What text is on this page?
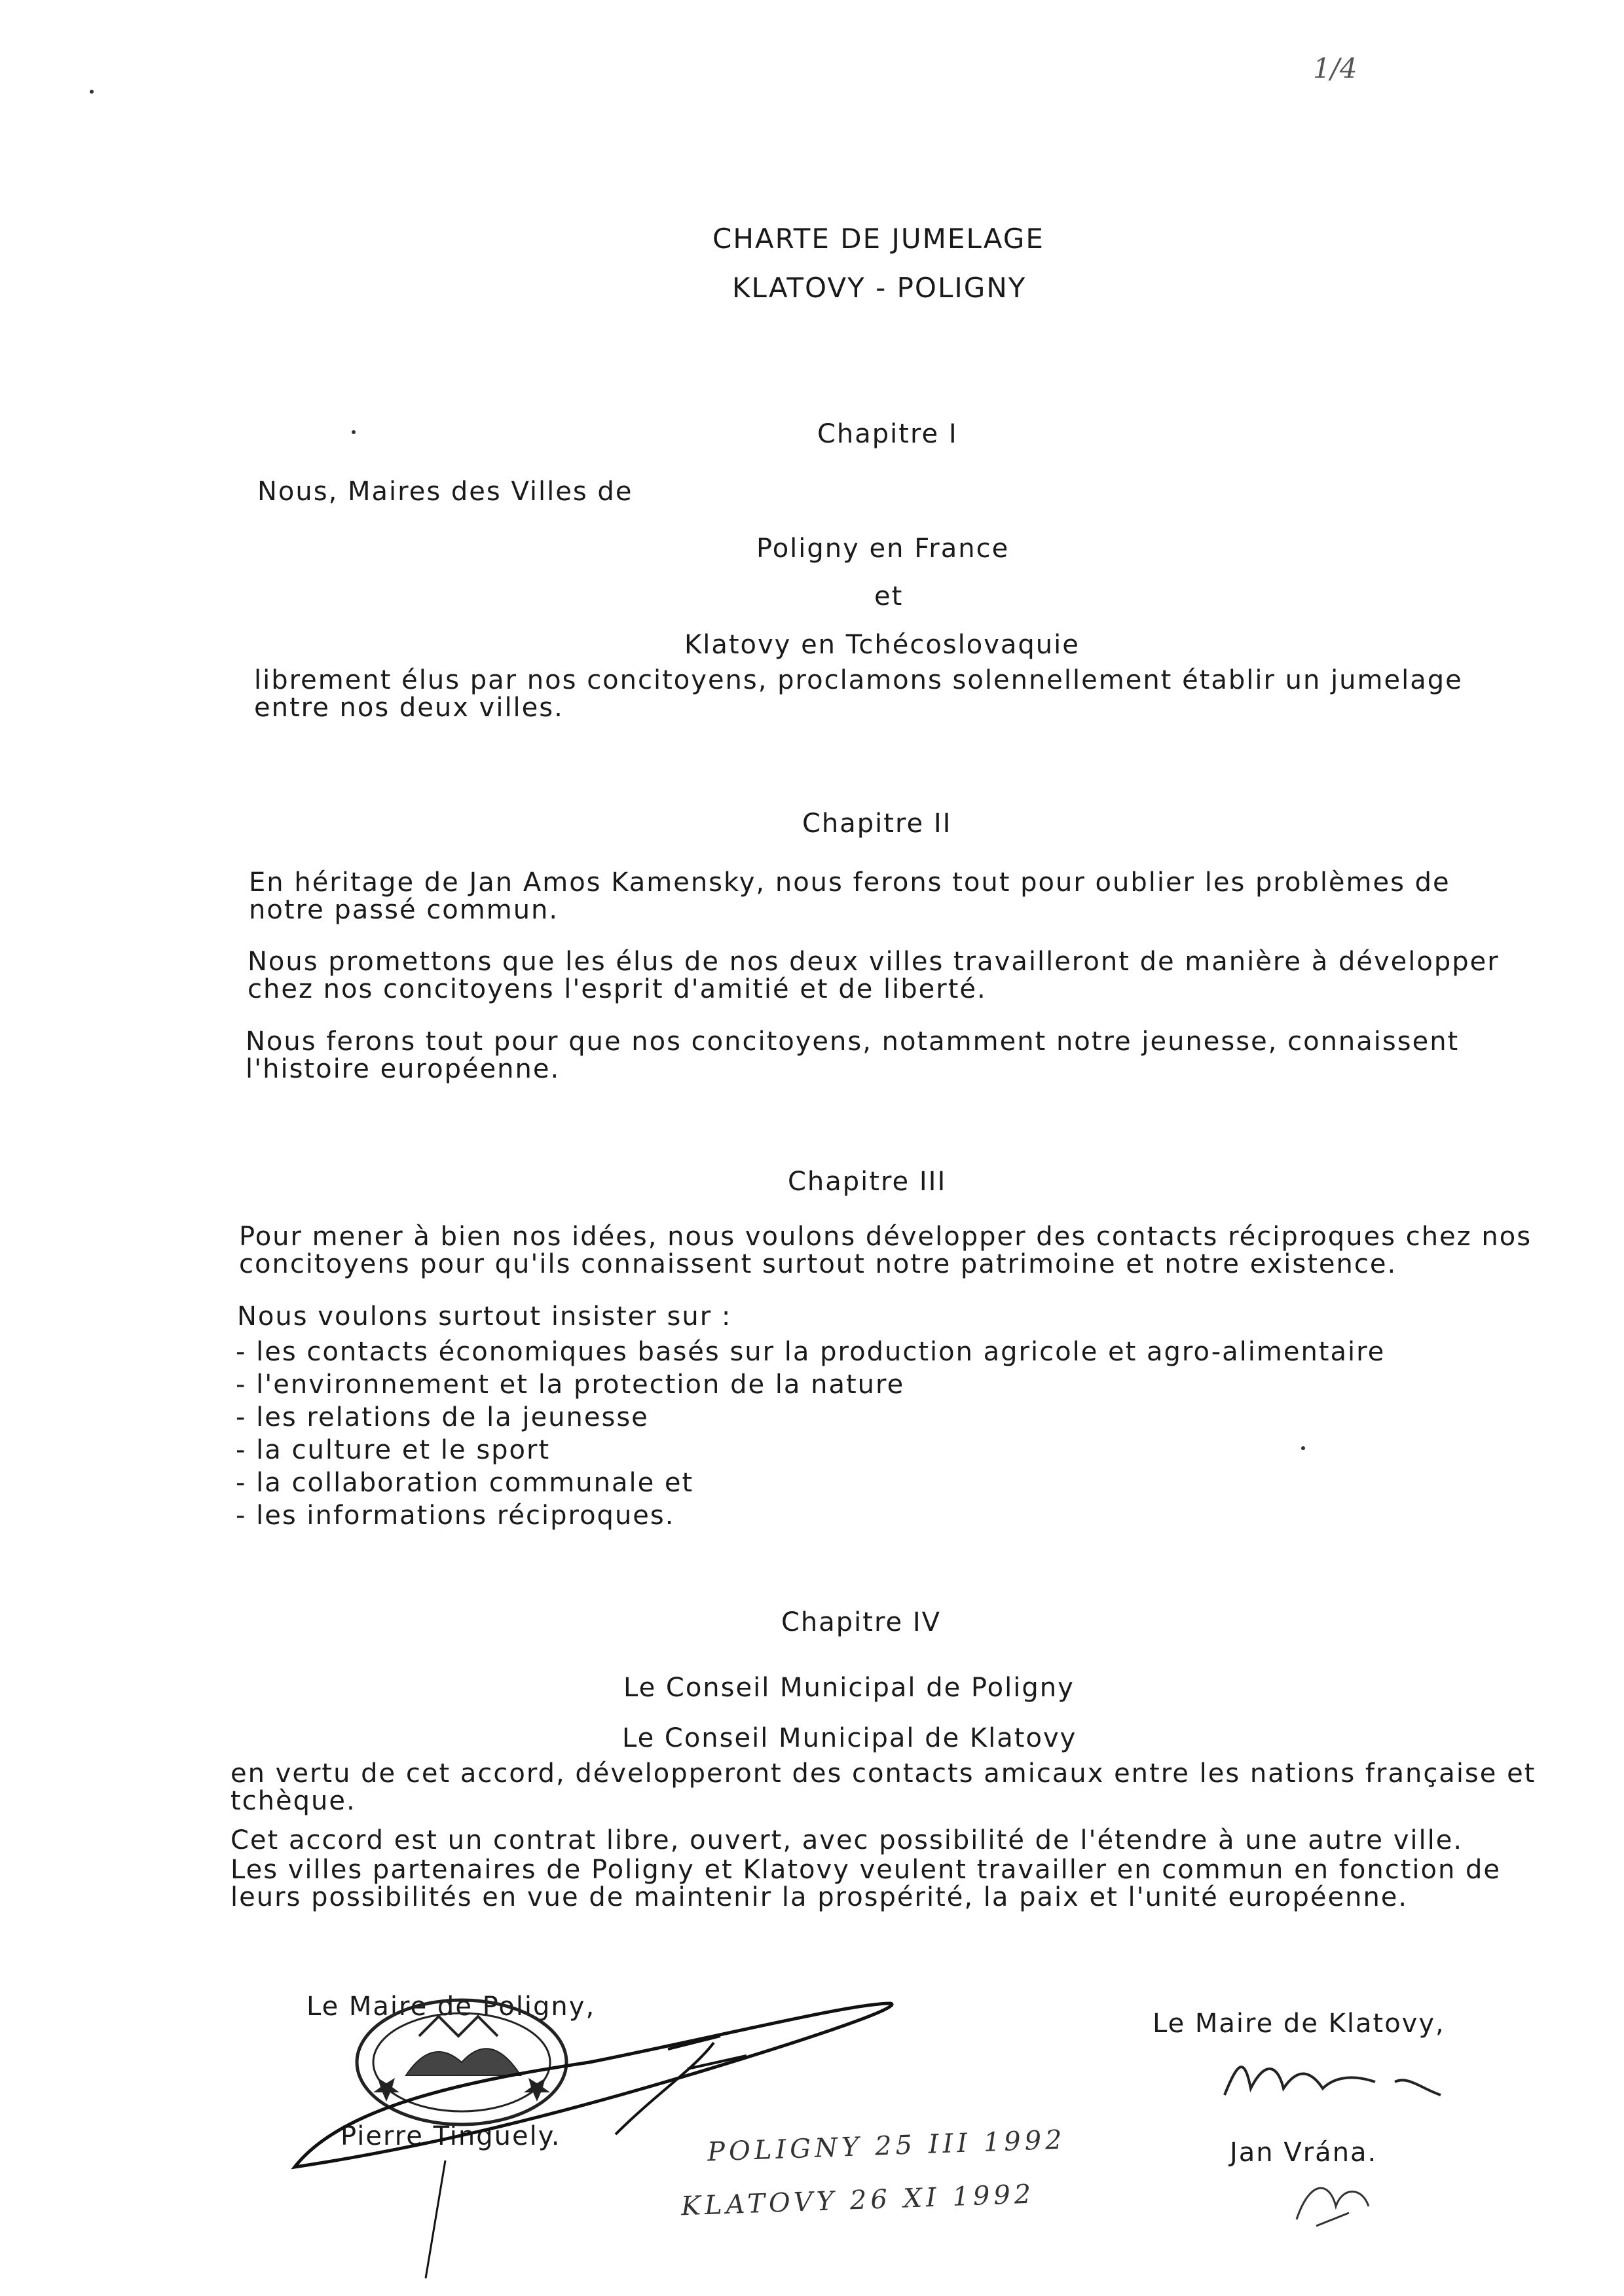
1/4
CHARTE DE JUMELAGE
KLATOVY - POLIGNY
Chapitre I
Nous, Maires des Villes de
Poligny en France
et
Klatovy en Tchécoslovaquie
librement élus par nos concitoyens, proclamons solennellement établir un jumelage entre nos deux villes.
Chapitre II
En héritage de Jan Amos Kamensky, nous ferons tout pour oublier les problèmes de notre passé commun.
Nous promettons que les élus de nos deux villes travailleront de manière à développer chez nos concitoyens l'esprit d'amitié et de liberté.
Nous ferons tout pour que nos concitoyens, notamment notre jeunesse, connaissent l'histoire européenne.
Chapitre III
Pour mener à bien nos idées, nous voulons développer des contacts réciproques chez nos concitoyens pour qu'ils connaissent surtout notre patrimoine et notre existence.
Nous voulons surtout insister sur :
- les contacts économiques basés sur la production agricole et agro-alimentaire
- l'environnement et la protection de la nature
- les relations de la jeunesse
- la culture et le sport
- la collaboration communale et
- les informations réciproques.
Chapitre IV
Le Conseil Municipal de Poligny
Le Conseil Municipal de Klatovy
en vertu de cet accord, développeront des contacts amicaux entre les nations française et tchèque.
Cet accord est un contrat libre, ouvert, avec possibilité de l'étendre à une autre ville.
Les villes partenaires de Poligny et Klatovy veulent travailler en commun en fonction de leurs possibilités en vue de maintenir la prospérité, la paix et l'unité européenne.
Le Maire de Poligny,
Pierre Tinguely.
Le Maire de Klatovy,
Jan Vrána.
POLIGNY 25 III 1992
KLATOVY 26 XI 1992
